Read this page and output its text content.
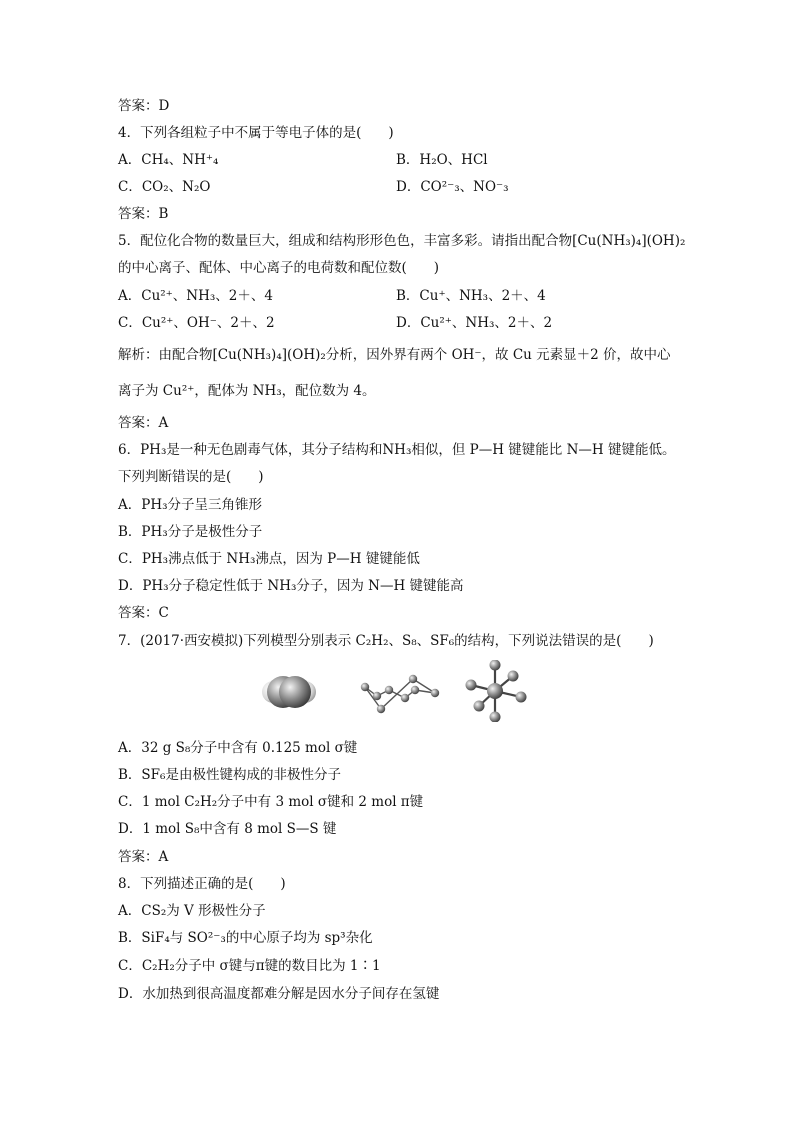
答案：D
4．下列各组粒子中不属于等电子体的是(　　)
A．CH₄、NH⁺₄	B．H₂O、HCl
C．CO₂、N₂O	D．CO²⁻₃、NO⁻₃
答案：B
5．配位化合物的数量巨大，组成和结构形形色色，丰富多彩。请指出配合物[Cu(NH₃)₄](OH)₂
的中心离子、配体、中心离子的电荷数和配位数(　　)
A．Cu²⁺、NH₃、2＋、4	B．Cu⁺、NH₃、2＋、4
C．Cu²⁺、OH⁻、2＋、2	D．Cu²⁺、NH₃、2＋、2
解析：由配合物[Cu(NH₃)₄](OH)₂分析，因外界有两个 OH⁻，故 Cu 元素显＋2 价，故中心
离子为 Cu²⁺，配体为 NH₃，配位数为 4。
答案：A
6．PH₃是一种无色剧毒气体，其分子结构和NH₃相似，但 P—H 键键能比 N—H 键键能低。
下列判断错误的是(　　)
A．PH₃分子呈三角锥形
B．PH₃分子是极性分子
C．PH₃沸点低于 NH₃沸点，因为 P—H 键键能低
D．PH₃分子稳定性低于 NH₃分子，因为 N—H 键键能高
答案：C
7．(2017·西安模拟)下列模型分别表示 C₂H₂、S₈、SF₆的结构，下列说法错误的是(　　)
A．32 g S₈分子中含有 0.125 mol σ键
B．SF₆是由极性键构成的非极性分子
C．1 mol C₂H₂分子中有 3 mol σ键和 2 mol π键
D．1 mol S₈中含有 8 mol S—S 键
答案：A
8．下列描述正确的是(　　)
A．CS₂为 V 形极性分子
B．SiF₄与 SO²⁻₃的中心原子均为 sp³杂化
C．C₂H₂分子中 σ键与π键的数目比为 1∶1
D．水加热到很高温度都难分解是因水分子间存在氢键
